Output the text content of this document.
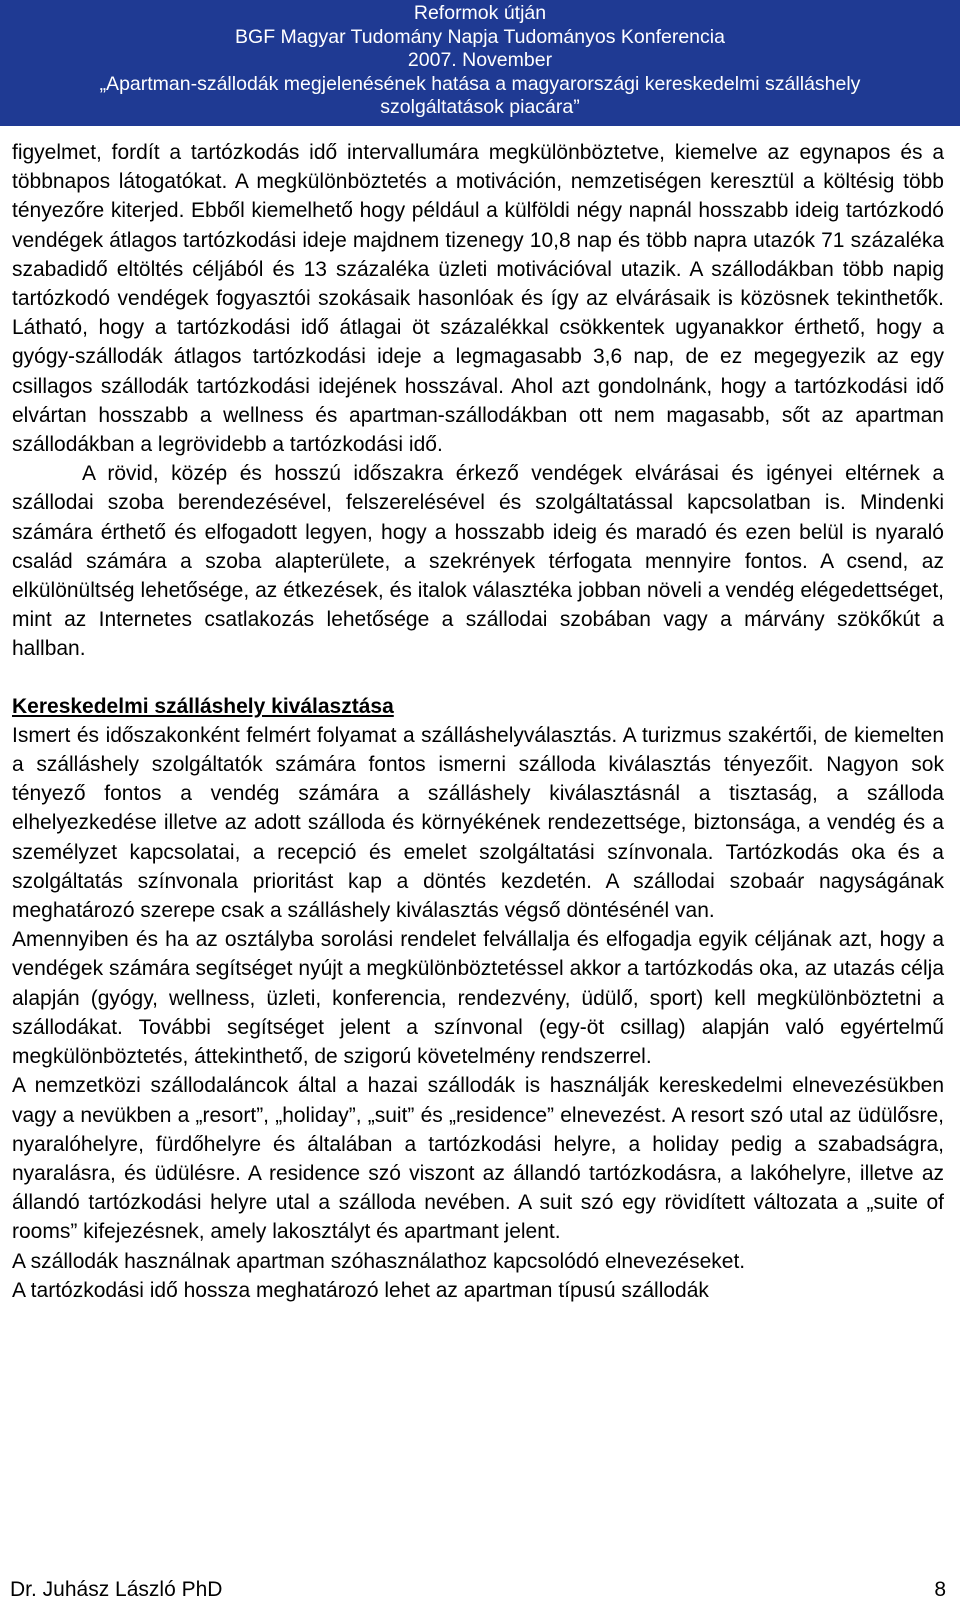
Reformok útján
BGF Magyar Tudomány Napja Tudományos Konferencia
2007. November
„Apartman-szállodák megjelenésének hatása a magyarországi kereskedelmi szálláshely
szolgáltatások piacára”

figyelmet, fordít a tartózkodás idő intervallumára megkülönböztetve, kiemelve az egynapos és a többnapos látogatókat. A megkülönböztetés a motiváción, nemzetiségen keresztül a költésig több tényezőre kiterjed. Ebből kiemelhető hogy például a külföldi négy napnál hosszabb ideig tartózkodó vendégek átlagos tartózkodási ideje majdnem tizenegy 10,8 nap és több napra utazók 71 százaléka szabadidő eltöltés céljából és 13 százaléka üzleti motivációval utazik. A szállodákban több napig tartózkodó vendégek fogyasztói szokásaik hasonlóak és így az elvárásaik is közösnek tekinthetők. Látható, hogy a tartózkodási idő átlagai öt százalékkal csökkentek ugyanakkor érthető, hogy a gyógy-szállodák átlagos tartózkodási ideje a legmagasabb 3,6 nap, de ez megegyezik az egy csillagos szállodák tartózkodási idejének hosszával. Ahol azt gondolnánk, hogy a tartózkodási idő elvártan hosszabb a wellness és apartman-szállodákban ott nem magasabb, sőt az apartman szállodákban a legrövidebb a tartózkodási idő.

A rövid, közép és hosszú időszakra érkező vendégek elvárásai és igényei eltérnek a szállodai szoba berendezésével, felszerelésével és szolgáltatással kapcsolatban is. Mindenki számára érthető és elfogadott legyen, hogy a hosszabb ideig és maradó és ezen belül is nyaraló család számára a szoba alapterülete, a szekrények térfogata mennyire fontos. A csend, az elkülönültség lehetősége, az étkezések, és italok választéka jobban növeli a vendég elégedettséget, mint az Internetes csatlakozás lehetősége a szállodai szobában vagy a márvány szökőkút a hallban.

Kereskedelmi szálláshely kiválasztása

Ismert és időszakonként felmért folyamat a szálláshelyválasztás. A turizmus szakértői, de kiemelten a szálláshely szolgáltatók számára fontos ismerni szálloda kiválasztás tényezőit. Nagyon sok tényező fontos a vendég számára a szálláshely kiválasztásnál a tisztaság, a szálloda elhelyezkedése illetve az adott szálloda és környékének rendezettsége, biztonsága, a vendég és a személyzet kapcsolatai, a recepció és emelet szolgáltatási színvonala. Tartózkodás oka és a szolgáltatás színvonala prioritást kap a döntés kezdetén. A szállodai szobaár nagyságának meghatározó szerepe csak a szálláshely kiválasztás végső döntésénél van.

Amennyiben és ha az osztályba sorolási rendelet felvállalja és elfogadja egyik céljának azt, hogy a vendégek számára segítséget nyújt a megkülönböztetéssel akkor a tartózkodás oka, az utazás célja alapján (gyógy, wellness, üzleti, konferencia, rendezvény, üdülő, sport) kell megkülönböztetni a szállodákat. További segítséget jelent a színvonal (egy-öt csillag) alapján való egyértelmű megkülönböztetés, áttekinthető, de szigorú követelmény rendszerrel.

A nemzetközi szállodaláncok által a hazai szállodák is használják kereskedelmi elnevezésükben vagy a nevükben a „resort”, „holiday”, „suit” és „residence” elnevezést. A resort szó utal az üdülősre, nyaralóhelyre, fürdőhelyre és általában a tartózkodási helyre, a holiday pedig a szabadságra, nyaralásra, és üdülésre. A residence szó viszont az állandó tartózkodásra, a lakóhelyre, illetve az állandó tartózkodási helyre utal a szálloda nevében. A suit szó egy rövidített változata a „suite of rooms” kifejezésnek, amely lakosztályt és apartmant jelent.

A szállodák használnak apartman szóhasználathoz kapcsolódó elnevezéseket.

A tartózkodási idő hossza meghatározó lehet az apartman típusú szállodák

Dr. Juhász László PhD	8
